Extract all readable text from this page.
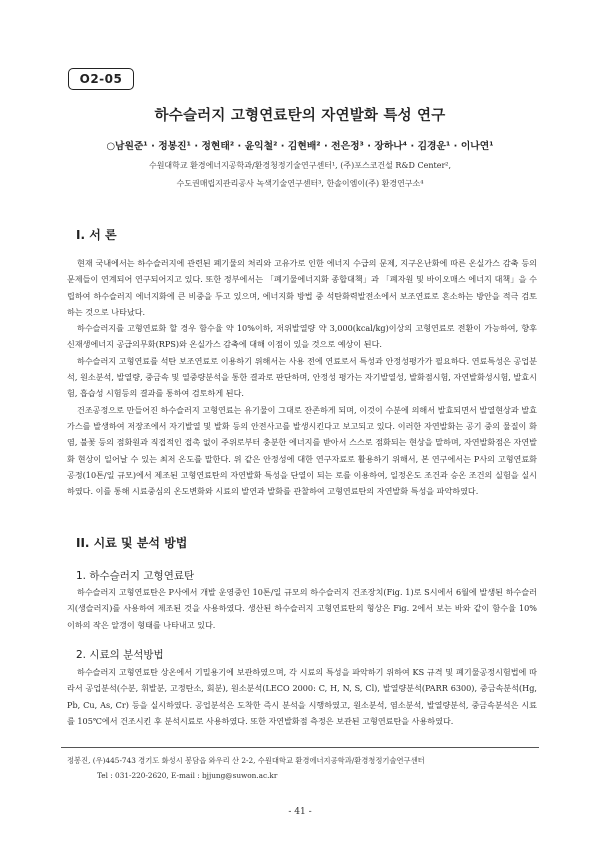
O2-05
하수슬러지 고형연료탄의 자연발화 특성 연구
○남원준¹ · 정봉진¹ · 정현태² · 윤익철² · 김현배² · 전은정³ · 장하나⁴ · 김경운¹ · 이나연¹
수원대학교 환경에너지공학과/환경청정기술연구센터¹, (주)포스코건설 R&D Center²,
수도권매립지관리공사 녹색기술연구센터³, 한솔이엠이(주) 환경연구소⁴
I. 서 론

현재 국내에서는 하수슬러지에 관련된 폐기물의 처리와 고유가로 인한 에너지 수급의 문제, 지구온난화에 따른 온실가스 감축 등의 문제들이 연계되어 연구되어지고 있다. 또한 정부에서는 「폐기물에너지화 종합대책」과 「폐자원 및 바이오매스 에너지 대책」을 수립하여 하수슬러지 에너지화에 큰 비중을 두고 있으며, 에너지화 방법 중 석탄화력발전소에서 보조연료로 혼소하는 방안을 적극 검토하는 것으로 나타났다.

하수슬러지를 고형연료화 할 경우 함수율 약 10%이하, 저위발열량 약 3,000(kcal/kg)이상의 고형연료로 전환이 가능하여, 향후 신재생에너지 공급의무화(RPS)와 온실가스 감축에 대해 이점이 있을 것으로 예상이 된다.

하수슬러지 고형연료를 석탄 보조연료로 이용하기 위해서는 사용 전에 연료로서 특성과 안정성평가가 필요하다. 연료특성은 공업분석, 원소분석, 발열량, 중금속 및 열중량분석을 통한 결과로 판단하며, 안정성 평가는 자기발열성, 발화점시험, 자연발화성시험, 발효시험, 흡습성 시험등의 결과를 통하여 검토하게 된다.

건조공정으로 만들어진 하수슬러지 고형연료는 유기물이 그대로 잔존하게 되며, 이것이 수분에 의해서 발효되면서 발열현상과 발효가스를 발생하여 저장조에서 자기발열 및 발화 등의 안전사고를 발생시킨다고 보고되고 있다. 이러한 자연발화는 공기 중의 물질이 화염, 불꽃 등의 점화원과 직접적인 접촉 없이 주위로부터 충분한 에너지를 받아서 스스로 점화되는 현상을 말하며, 자연발화점은 자연발화 현상이 일어날 수 있는 최저 온도를 말한다. 위 같은 안정성에 대한 연구자료로 활용하기 위해서, 본 연구에서는 P사의 고형연료화공정(10톤/일 규모)에서 제조된 고형연료탄의 자연발화 특성을 단열이 되는 로를 이용하여, 일정온도 조건과 승온 조건의 실험을 실시하였다. 이를 통해 시료중심의 온도변화와 시료의 발연과 발화를 관찰하여 고형연료탄의 자연발화 특성을 파악하였다.

II. 시료 및 분석 방법
1. 하수슬러지 고형연료탄

하수슬러지 고형연료탄은 P사에서 개발 운영중인 10톤/일 규모의 하수슬러지 건조장치(Fig. 1)로 S시에서 6월에 발생된 하수슬러지(생슬러지)를 사용하여 제조된 것을 사용하였다. 생산된 하수슬러지 고형연료탄의 형상은 Fig. 2에서 보는 바와 같이 함수율 10% 이하의 작은 알갱이 형태를 나타내고 있다.

2. 시료의 분석방법

하수슬러지 고형연료탄 상온에서 기밀용기에 보관하였으며, 각 시료의 특성을 파악하기 위하여 KS 규격 및 폐기물공정시험법에 따라서 공업분석(수분, 휘발분, 고정탄소, 회분), 원소분석(LECO 2000: C, H, N, S, Cl), 발열량분석(PARR 6300), 중금속분석(Hg, Pb, Cu, As, Cr) 등을 실시하였다. 공업분석은 도착한 즉시 분석을 시행하였고, 원소분석, 염소분석, 발열량분석, 중금속분석은 시료를 105℃에서 건조시킨 후 분석시료로 사용하였다. 또한 자연발화점 측정은 보관된 고형연료탄을 사용하였다.

정봉진, (우)445-743 경기도 화성시 봉담읍 와우리 산 2-2, 수원대학교 환경에너지공학과/환경청정기술연구센터
Tel : 031-220-2620, E-mail : bjjung@suwon.ac.kr
- 41 -
